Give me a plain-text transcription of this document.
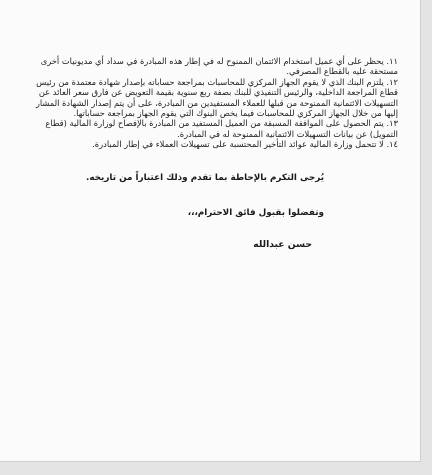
١١. يحظر على أي عميل استخدام الائتمان الممنوح له في إطار هذه المبادرة في سداد أي مديونيات أخرى مستحقة عليه بالقطاع المصرفي.

١٢. يلتزم البنك الذي لا يقوم الجهاز المركزي للمحاسبات بمراجعة حساباته بإصدار شهادة معتمدة من رئيس قطاع المراجعة الداخلية، والرئيس التنفيذي للبنك بصفة ربع سنوية بقيمة التعويض عن فارق سعر العائد عن التسهيلات الائتمانية الممنوحة من قبلها للعملاء المستفيدين من المبادرة، على أن يتم إصدار الشهادة المشار إليها من خلال الجهاز المركزي للمحاسبات فيما يخص البنوك التي يقوم الجهاز بمراجعة حساباتها.

١٣. يتم الحصول على الموافقة المسبقة من العميل المستفيد من المبادرة بالإفصاح لوزارة المالية (قطاع التمويل) عن بيانات التسهيلات الائتمانية الممنوحة له في المبادرة.

١٤. لا تتحمل وزارة المالية عوائد التأخير المحتسبة على تسهيلات العملاء في إطار المبادرة.

يُرجى التكرم بالإحاطة بما تقدم وذلك اعتباراً من تاريخه.

وتفضلوا بقبول فائق الاحترام،،،

حسن عبدالله
